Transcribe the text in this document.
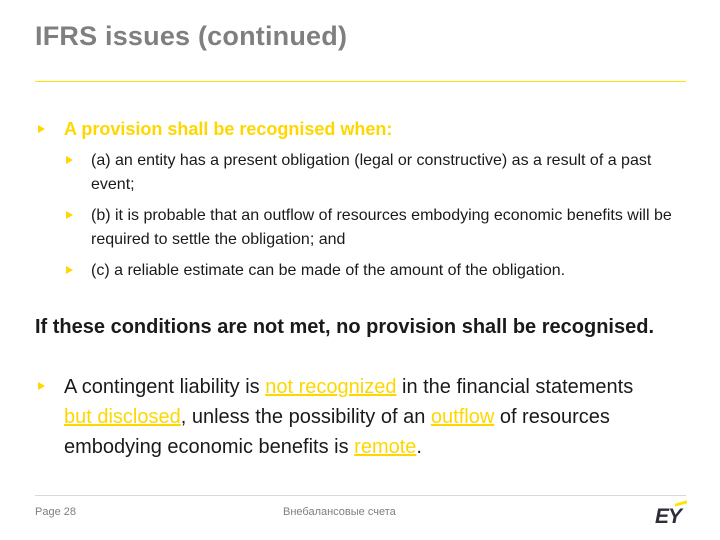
IFRS issues (continued)
A provision shall be recognised when:
(a) an entity has a present obligation (legal or constructive) as a result of a past event;
(b) it is probable that an outflow of resources embodying economic benefits will be required to settle the obligation; and
(c) a reliable estimate can be made of the amount of the obligation.
If these conditions are not met, no provision shall be recognised.
A contingent liability is not recognized in the financial statements but disclosed, unless the possibility of an outflow of resources embodying economic benefits is remote.
Page 28	Внебалансовые счета	EY
